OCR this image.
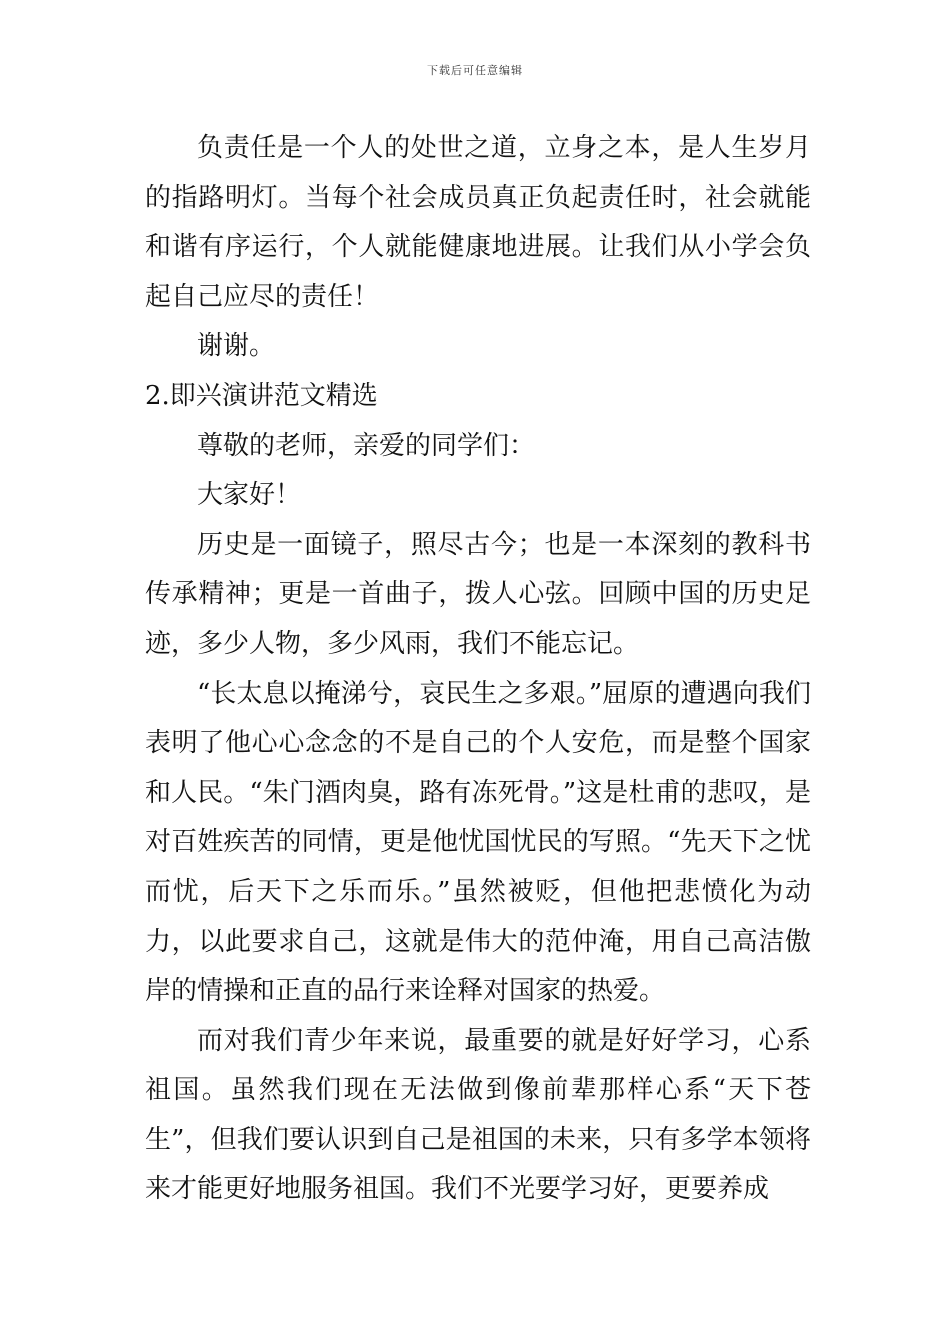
下载后可任意编辑

负责任是一个人的处世之道，立身之本，是人生岁月的指路明灯。当每个社会成员真正负起责任时，社会就能和谐有序运行，个人就能健康地进展。让我们从小学会负起自己应尽的责任！

谢谢。

2.即兴演讲范文精选

尊敬的老师，亲爱的同学们：

大家好！

历史是一面镜子，照尽古今；也是一本深刻的教科书传承精神；更是一首曲子，拨人心弦。回顾中国的历史足迹，多少人物，多少风雨，我们不能忘记。

“长太息以掩涕兮，哀民生之多艰。”屈原的遭遇向我们表明了他心心念念的不是自己的个人安危，而是整个国家和人民。“朱门酒肉臭，路有冻死骨。”这是杜甫的悲叹，是对百姓疾苦的同情，更是他忧国忧民的写照。“先天下之忧而忧，后天下之乐而乐。”虽然被贬，但他把悲愤化为动力，以此要求自己，这就是伟大的范仲淹，用自己高洁傲岸的情操和正直的品行来诠释对国家的热爱。

而对我们青少年来说，最重要的就是好好学习，心系祖国。虽然我们现在无法做到像前辈那样心系“天下苍生”，但我们要认识到自己是祖国的未来，只有多学本领将来才能更好地服务祖国。我们不光要学习好，更要养成
